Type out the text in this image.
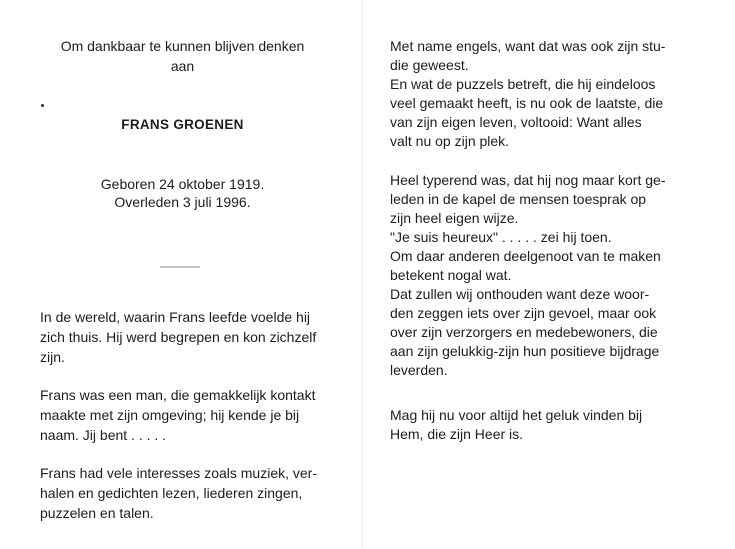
Om dankbaar te kunnen blijven denken
aan
FRANS GROENEN
Geboren 24 oktober 1919.
Overleden 3 juli 1996.
In de wereld, waarin Frans leefde voelde hij
zich thuis. Hij werd begrepen en kon zichzelf
zijn.
Frans was een man, die gemakkelijk kontakt
maakte met zijn omgeving; hij kende je bij
naam. Jij bent . . . . .
Frans had vele interesses zoals muziek, ver-
halen en gedichten lezen, liederen zingen,
puzzelen en talen.
Met name engels, want dat was ook zijn stu-
die geweest.
En wat de puzzels betreft, die hij eindeloos
veel gemaakt heeft, is nu ook de laatste, die
van zijn eigen leven, voltooid: Want alles
valt nu op zijn plek.
Heel typerend was, dat hij nog maar kort ge-
leden in de kapel de mensen toesprak op
zijn heel eigen wijze.
"Je suis heureux" . . . . . zei hij toen.
Om daar anderen deelgenoot van te maken
betekent nogal wat.
Dat zullen wij onthouden want deze woor-
den zeggen iets over zijn gevoel, maar ook
over zijn verzorgers en medebewoners, die
aan zijn gelukkig-zijn hun positieve bijdrage
leverden.
Mag hij nu voor altijd het geluk vinden bij
Hem, die zijn Heer is.
